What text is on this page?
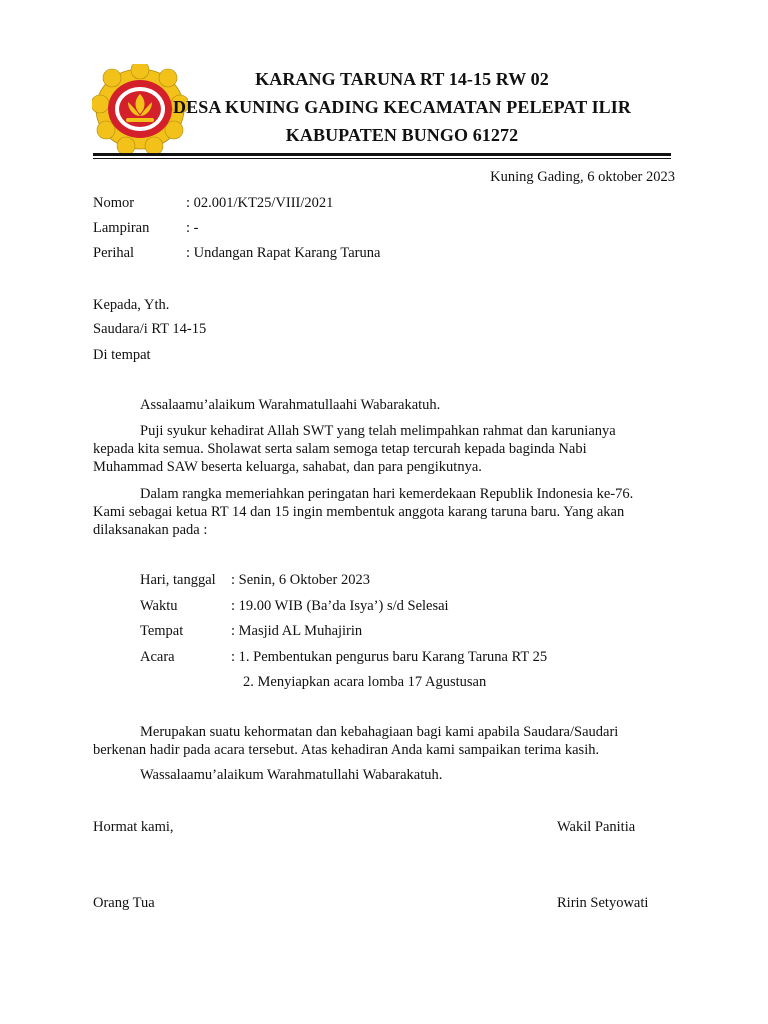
KARANG TARUNA RT 14-15 RW 02
DESA KUNING GADING KECAMATAN PELEPAT ILIR
KABUPATEN BUNGO 61272
Kuning Gading, 6 oktober 2023
Nomor	: 02.001/KT25/VIII/2021
Lampiran	: -
Perihal	: Undangan Rapat Karang Taruna
Kepada, Yth.
Saudara/i RT 14-15
Di tempat
Assalaamu’alaikum Warahmatullaahi Wabarakatuh.
Puji syukur kehadirat Allah SWT yang telah melimpahkan rahmat dan karunianya
kepada kita semua. Sholawat serta salam semoga tetap tercurah kepada baginda Nabi
Muhammad SAW beserta keluarga, sahabat, dan para pengikutnya.
Dalam rangka memeriahkan peringatan hari kemerdekaan Republik Indonesia ke-76.
Kami sebagai ketua RT 14 dan 15 ingin membentuk anggota karang taruna baru. Yang akan
dilaksanakan pada :
Hari, tanggal : Senin, 6 Oktober 2023
Waktu	: 19.00 WIB (Ba’da Isya’) s/d Selesai
Tempat	: Masjid AL Muhajirin
Acara	: 1. Pembentukan pengurus baru Karang Taruna RT 25
2. Menyiapkan acara lomba 17 Agustusan
Merupakan suatu kehormatan dan kebahagiaan bagi kami apabila Saudara/Saudari
berkenan hadir pada acara tersebut. Atas kehadiran Anda kami sampaikan terima kasih.
Wassalaamu’alaikum Warahmatullahi Wabarakatuh.
Hormat kami,	Wakil Panitia
Orang Tua	Ririn Setyowati
